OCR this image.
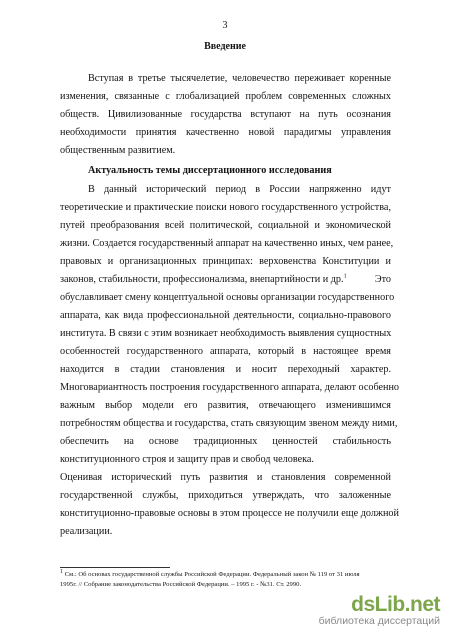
3
Введение
Вступая в третье тысячелетие, человечество переживает коренные
изменения, связанные с глобализацией проблем современных сложных
обществ. Цивилизованные государства вступают на путь осознания
необходимости принятия качественно новой парадигмы управления
общественным развитием.
Актуальность темы диссертационного исследования
В данный исторический период в России напряженно идут
теоретические и практические поиски нового государственного устройства,
путей преобразования всей политической, социальной и экономической
жизни. Создается государственный аппарат на качественно иных, чем ранее,
правовых и организационных принципах: верховенства Конституции и
законов, стабильности, профессионализма, внепартийности и др.$^1$	Это
обуславливает смену концептуальной основы организации государственного
аппарата, как вида профессиональной деятельности, социально-правового
института. В связи с этим возникает необходимость выявления сущностных
особенностей государственного аппарата, который в настоящее время
находится в стадии становления и носит переходный характер.
Многовариантность построения государственного аппарата, делают особенно
важным выбор модели его развития, отвечающего изменившимся
потребностям общества и государства, стать связующим звеном между ними,
обеспечить на основе традиционных ценностей стабильность
конституционного строя и защиту прав и свобод человека.
Оценивая исторический путь развития и становления современной
государственной службы, приходиться утверждать, что заложенные
конституционно-правовые основы в этом процессе не получили еще должной
реализации.
$^1$ См.: Об основах государственной службы Российской Федерации. Федеральный закон № 119 от 31 июля
1995г. // Собрание законодательства Российской Федерации. – 1995 г. - №31. Ст. 2990.
dsLib.net
библиотека диссертаций
